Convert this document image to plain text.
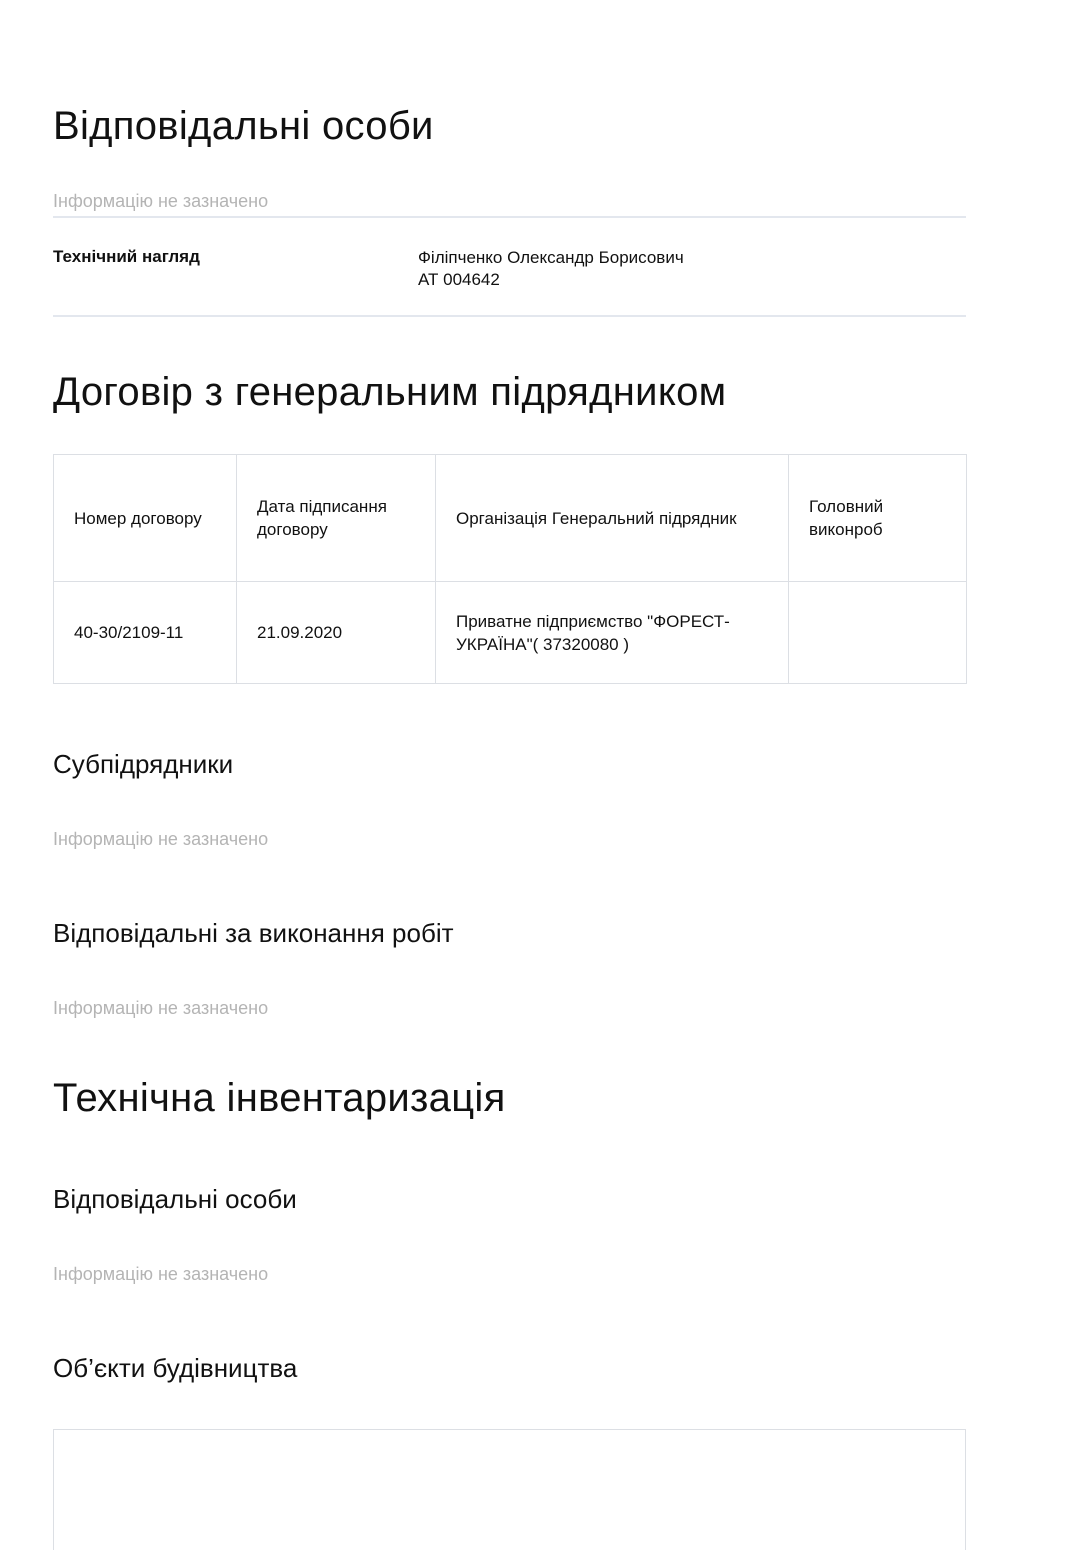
Відповідальні особи
Інформацію не зазначено
Технічний нагляд	Філіпченко Олександр Борисович
АТ 004642
Договір з генеральним підрядником
Номер договору	Дата підписання договору	Організація Генеральний підрядник	Головний виконроб
40-30/2109-11	21.09.2020	Приватне підприємство "ФОРЕСТ-УКРАЇНА"( 37320080 )	
Субпідрядники
Інформацію не зазначено
Відповідальні за виконання робіт
Інформацію не зазначено
Технічна інвентаризація
Відповідальні особи
Інформацію не зазначено
Об’єкти будівництва
